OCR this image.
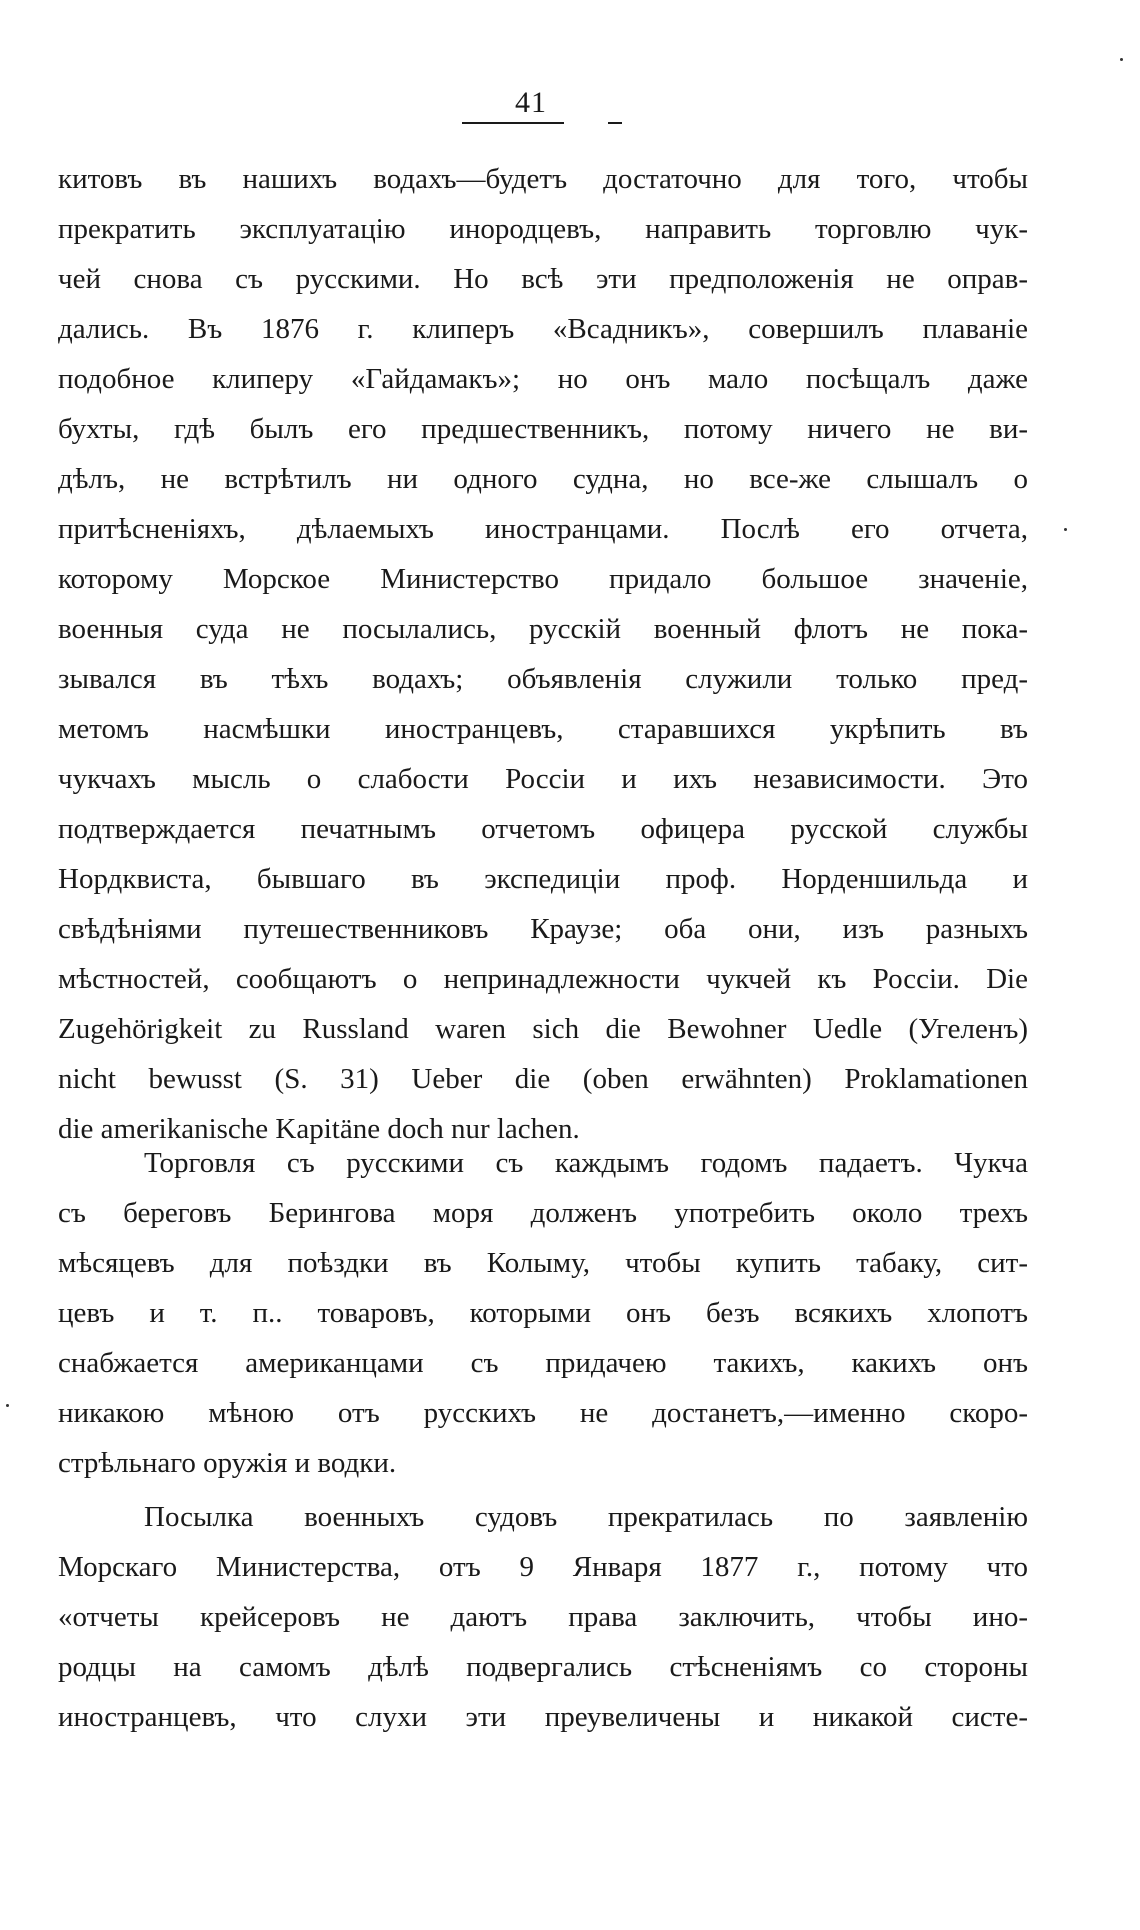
41
китовъ въ нашихъ водахъ—будетъ достаточно для того, чтобы
прекратить эксплуатацію инородцевъ, направить торговлю чук-
чей снова съ русскими. Но всѣ эти предположенія не оправ-
дались. Въ 1876 г. клиперъ «Всадникъ», совершилъ плаваніе
подобное клиперу «Гайдамакъ»; но онъ мало посѣщалъ даже
бухты, гдѣ былъ его предшественникъ, потому ничего не ви-
дѣлъ, не встрѣтилъ ни одного судна, но все-же слышалъ о
притѣсненіяхъ, дѣлаемыхъ иностранцами. Послѣ его отчета,
которому Морское Министерство придало большое значеніе,
военныя суда не посылались, русскій военный флотъ не пока-
зывался въ тѣхъ водахъ; объявленія служили только пред-
метомъ насмѣшки иностранцевъ, старавшихся укрѣпить въ
чукчахъ мысль о слабости Россіи и ихъ независимости. Это
подтверждается печатнымъ отчетомъ офицера русской службы
Нордквиста, бывшаго въ экспедиціи проф. Норденшильда и
свѣдѣніями путешественниковъ Краузе; оба они, изъ разныхъ
мѣстностей, сообщаютъ о непринадлежности чукчей къ Россіи. Die
Zugehörigkeit zu Russland waren sich die Bewohner Uedle (Угеленъ)
nicht bewusst (S. 31) Ueber die (oben erwähnten) Proklamationen
die amerikanische Kapitäne doch nur lachen.
Торговля съ русскими съ каждымъ годомъ падаетъ. Чукча
съ береговъ Берингова моря долженъ употребить около трехъ
мѣсяцевъ для поѣздки въ Колыму, чтобы купить табаку, сит-
цевъ и т. п.. товаровъ, которыми онъ безъ всякихъ хлопотъ
снабжается американцами съ придачею такихъ, какихъ онъ
никакою мѣною отъ русскихъ не достанетъ,—именно скоро-
стрѣльнаго оружія и водки.
Посылка военныхъ судовъ прекратилась по заявленію
Морскаго Министерства, отъ 9 Января 1877 г., потому что
«отчеты крейсеровъ не даютъ права заключить, чтобы ино-
родцы на самомъ дѣлѣ подвергались стѣсненіямъ со стороны
иностранцевъ, что слухи эти преувеличены и никакой систе-
